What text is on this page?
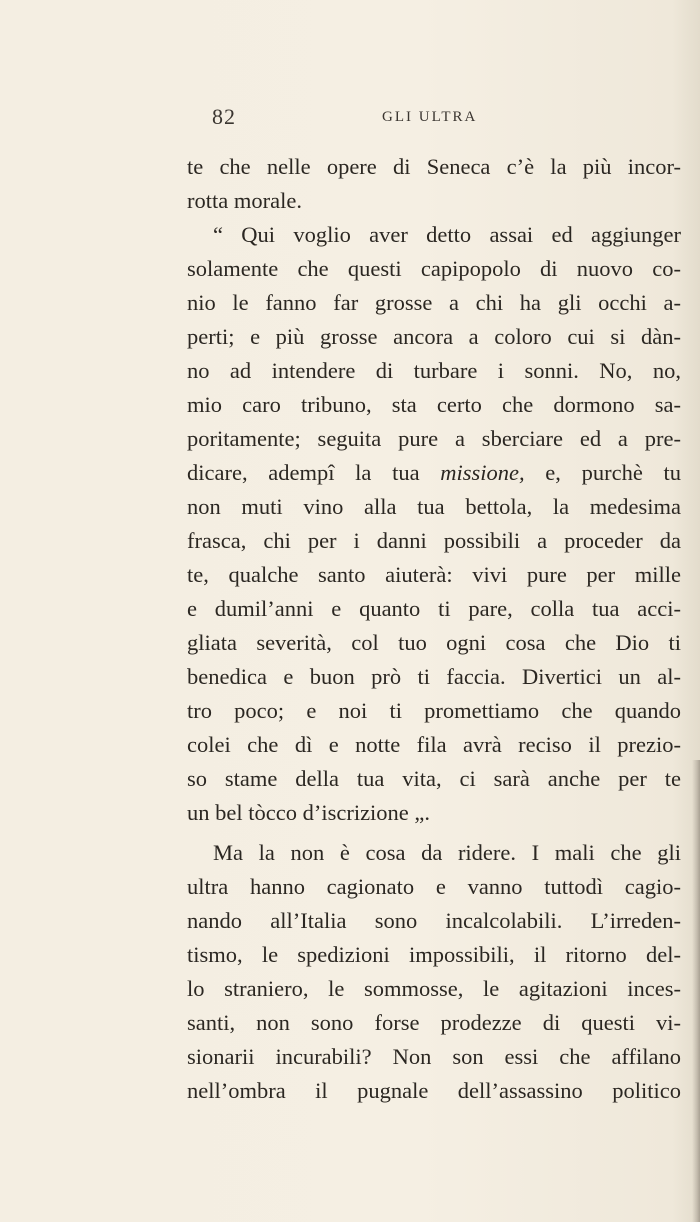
82	GLI ULTRA
te che nelle opere di Seneca c’è la più incor-
rotta morale.
“ Qui voglio aver detto assai ed aggiunger
solamente che questi capipopolo di nuovo co-
nio le fanno far grosse a chi ha gli occhi a-
perti; e più grosse ancora a coloro cui si dàn-
no ad intendere di turbare i sonni. No, no,
mio caro tribuno, sta certo che dormono sa-
poritamente; seguita pure a sberciare ed a pre-
dicare, adempî la tua missione, e, purchè tu
non muti vino alla tua bettola, la medesima
frasca, chi per i danni possibili a proceder da
te, qualche santo aiuterà: vivi pure per mille
e dumil’anni e quanto ti pare, colla tua acci-
gliata severità, col tuo ogni cosa che Dio ti
benedica e buon prò ti faccia. Divertici un al-
tro poco; e noi ti promettiamo che quando
colei che dì e notte fila avrà reciso il prezio-
so stame della tua vita, ci sarà anche per te
un bel tòcco d’iscrizione „.
Ma la non è cosa da ridere. I mali che gli
ultra hanno cagionato e vanno tuttodì cagio-
nando all’Italia sono incalcolabili. L’irreden-
tismo, le spedizioni impossibili, il ritorno del-
lo straniero, le sommosse, le agitazioni inces-
santi, non sono forse prodezze di questi vi-
sionarii incurabili? Non son essi che affilano
nell’ombra il pugnale dell’assassino politico
